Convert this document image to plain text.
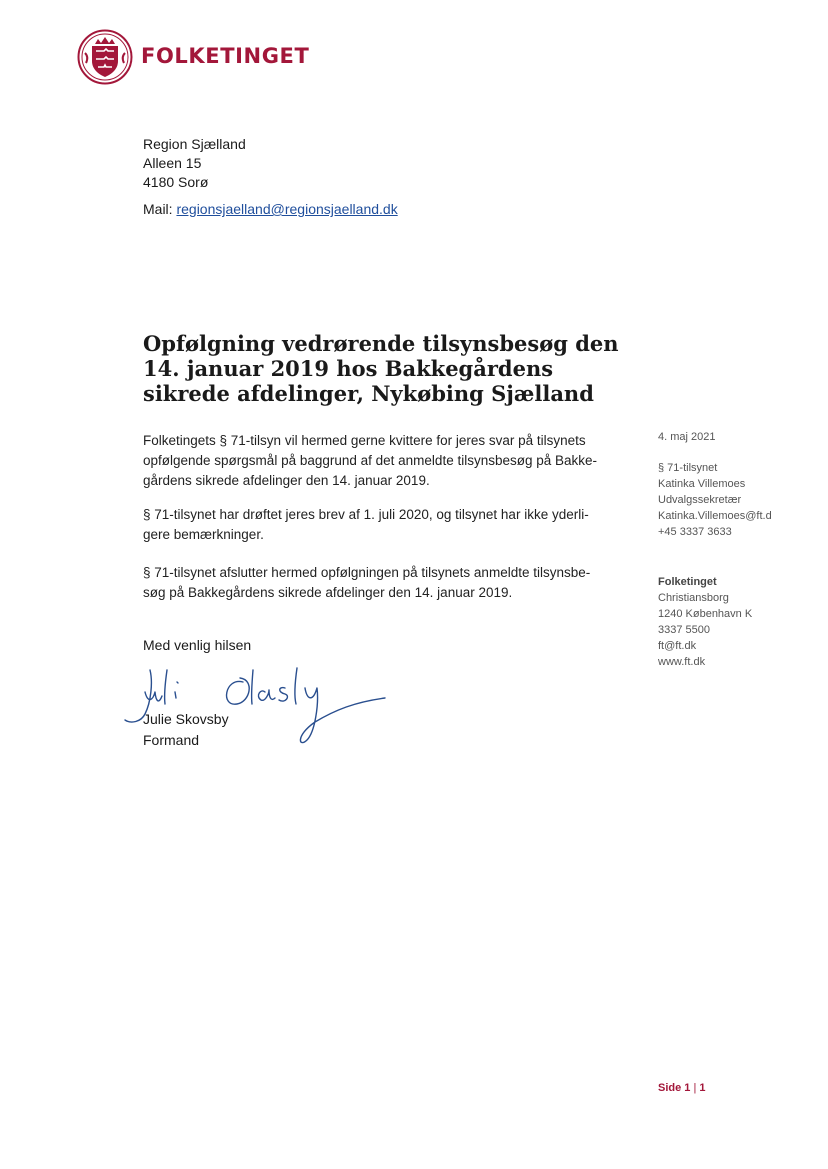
FOLKETINGET
Region Sjælland
Alleen 15
4180 Sorø
Mail: regionsjaelland@regionsjaelland.dk
Opfølgning vedrørende tilsynsbesøg den 14. januar 2019 hos Bakkegårdens sikrede afdelinger, Nykøbing Sjælland
Folketingets § 71-tilsyn vil hermed gerne kvittere for jeres svar på tilsynets
opfølgende spørgsmål på baggrund af det anmeldte tilsynsbesøg på Bakke-
gårdens sikrede afdelinger den 14. januar 2019.
§ 71-tilsynet har drøftet jeres brev af 1. juli 2020, og tilsynet har ikke yderli-
gere bemærkninger.
§ 71-tilsynet afslutter hermed opfølgningen på tilsynets anmeldte tilsynsbe-
søg på Bakkegårdens sikrede afdelinger den 14. januar 2019.
Med venlig hilsen
Julie Skovsby
Formand
4. maj 2021
§ 71-tilsynet
Katinka Villemoes
Udvalgssekretær
Katinka.Villemoes@ft.d
+45 3337 3633
Folketinget
Christiansborg
1240 København K
3337 5500
ft@ft.dk
www.ft.dk
Side 1 | 1
